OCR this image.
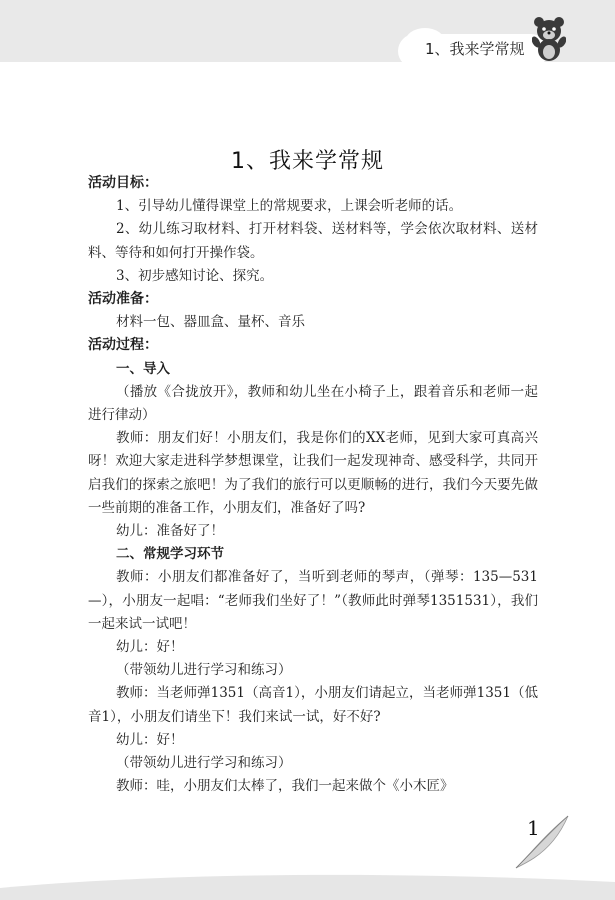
1、我来学常规
1、我来学常规

活动目标：

1、引导幼儿懂得课堂上的常规要求，上课会听老师的话。

2、幼儿练习取材料、打开材料袋、送材料等，学会依次取材料、送材料、等待和如何打开操作袋。

3、初步感知讨论、探究。

活动准备：

材料一包、器皿盒、量杯、音乐

活动过程：

一、导入

（播放《合拢放开》，教师和幼儿坐在小椅子上，跟着音乐和老师一起进行律动）

教师：朋友们好！小朋友们，我是你们的XX老师，见到大家可真高兴呀！欢迎大家走进科学梦想课堂，让我们一起发现神奇、感受科学，共同开启我们的探索之旅吧！为了我们的旅行可以更顺畅的进行，我们今天要先做一些前期的准备工作，小朋友们，准备好了吗?

幼儿：准备好了！

二、常规学习环节

教师：小朋友们都准备好了，当听到老师的琴声，（弹琴：135—531—），小朋友一起唱：“老师我们坐好了！”（教师此时弹琴1351531），我们一起来试一试吧！

幼儿：好！

（带领幼儿进行学习和练习）

教师：当老师弹1351（高音1），小朋友们请起立，当老师弹1351（低音1），小朋友们请坐下！我们来试一试，好不好?

幼儿：好！

（带领幼儿进行学习和练习）

教师：哇，小朋友们太棒了，我们一起来做个《小木匠》

1
